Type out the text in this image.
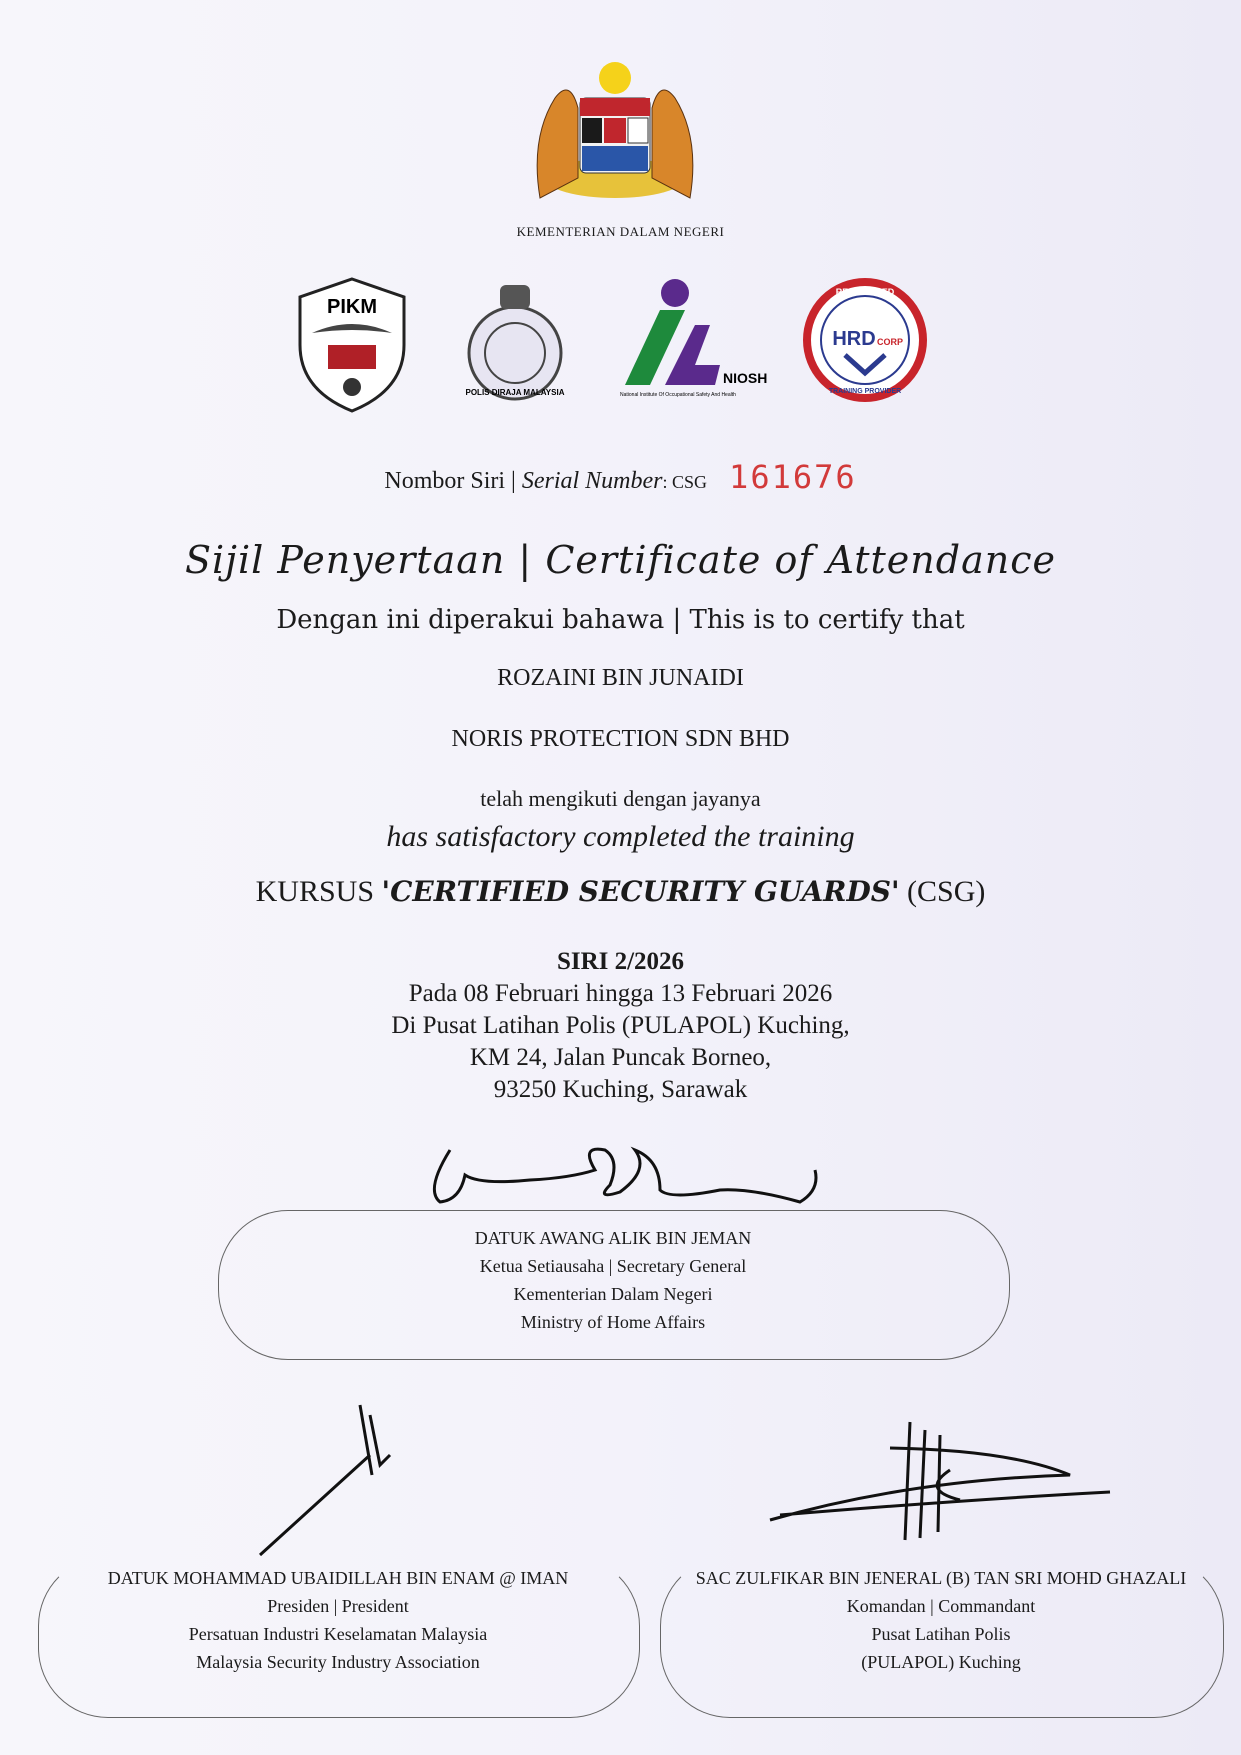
KEMENTERIAN DALAM NEGERI
PIKM
POLIS DIRAJA MALAYSIA
NIOSH
National Institute Of Occupational Safety And Health
REGISTERED
HRD CORP
TRAINING PROVIDER
Nombor Siri | Serial Number: CSG 161676
Sijil Penyertaan | Certificate of Attendance
Dengan ini diperakui bahawa | This is to certify that
ROZAINI BIN JUNAIDI
NORIS PROTECTION SDN BHD
telah mengikuti dengan jayanya
has satisfactory completed the training
KURSUS 'CERTIFIED SECURITY GUARDS' (CSG)
SIRI 2/2026
Pada 08 Februari hingga 13 Februari 2026
Di Pusat Latihan Polis (PULAPOL) Kuching,
KM 24, Jalan Puncak Borneo,
93250 Kuching, Sarawak
DATUK AWANG ALIK BIN JEMAN
Ketua Setiausaha | Secretary General
Kementerian Dalam Negeri
Ministry of Home Affairs
DATUK MOHAMMAD UBAIDILLAH BIN ENAM @ IMAN
Presiden | President
Persatuan Industri Keselamatan Malaysia
Malaysia Security Industry Association
SAC ZULFIKAR BIN JENERAL (B) TAN SRI MOHD GHAZALI
Komandan | Commandant
Pusat Latihan Polis
(PULAPOL) Kuching
